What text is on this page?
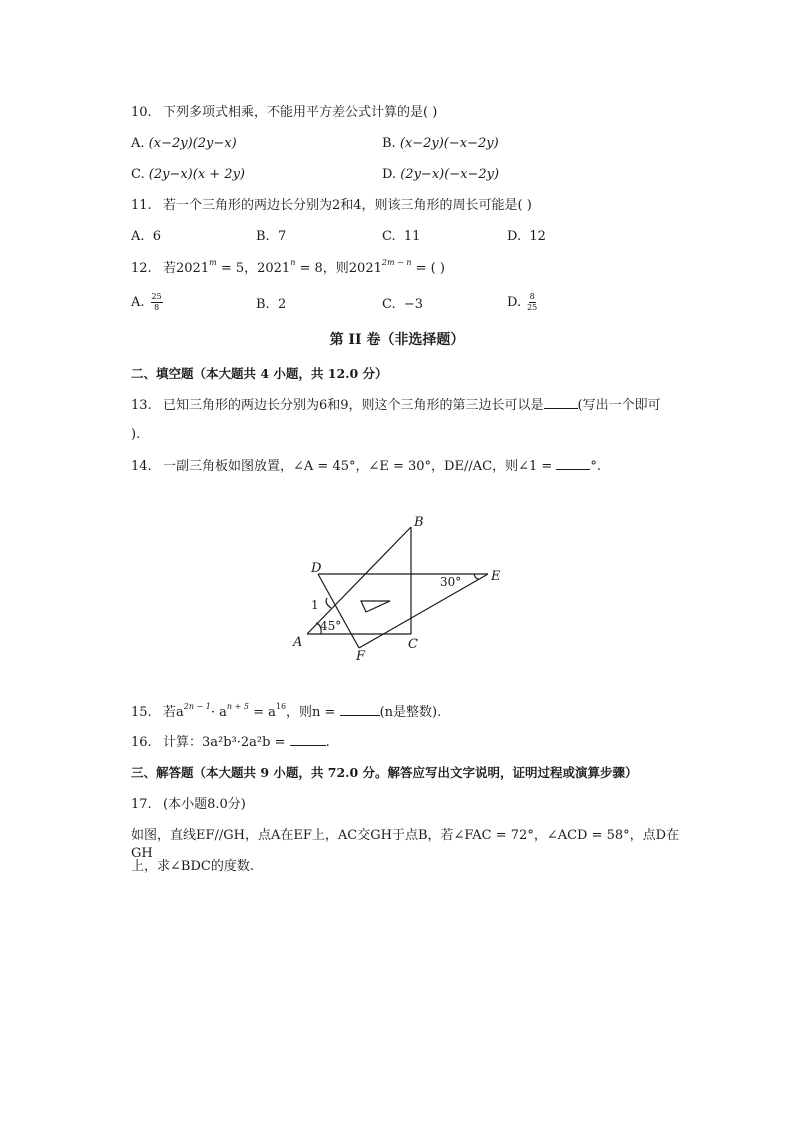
10. 下列多项式相乘，不能用平方差公式计算的是( )
A. (x−2y)(2y−x)	B. (x−2y)(−x−2y)
C. (2y−x)(x + 2y)	D. (2y−x)(−x−2y)
11. 若一个三角形的两边长分别为2和4，则该三角形的周长可能是( )
A. 6	B. 7	C. 11	D. 12
12. 若$2021^m = 5$，$2021^n = 8$，则$2021^{2m - n}$ = ( )
A. $\frac{25}{8}$	B. 2	C. −3	D. $\frac{8}{25}$
第 II 卷（非选择题）
二、填空题（本大题共 4 小题，共 12.0 分）
13. 已知三角形的两边长分别为6和9，则这个三角形的第三边长可以是	(写出一个即可
).
14. 一副三角板如图放置，∠A = 45°，∠E = 30°，DE//AC，则∠1 =	°.
B
D
E
A	C
F
1
45°
30°
15. 若$a^{2n - 1}\cdot a^{n + 5} = a^{16}$，则n =	(n是整数).
16. 计算：3a²b³·2a²b =	.
三、解答题（本大题共 9 小题，共 72.0 分。解答应写出文字说明，证明过程或演算步骤）
17. (本小题8.0分)
如图，直线EF//GH，点A在EF上，AC交GH于点B，若∠FAC = 72°，∠ACD = 58°，点D在GH
上，求∠BDC的度数.
